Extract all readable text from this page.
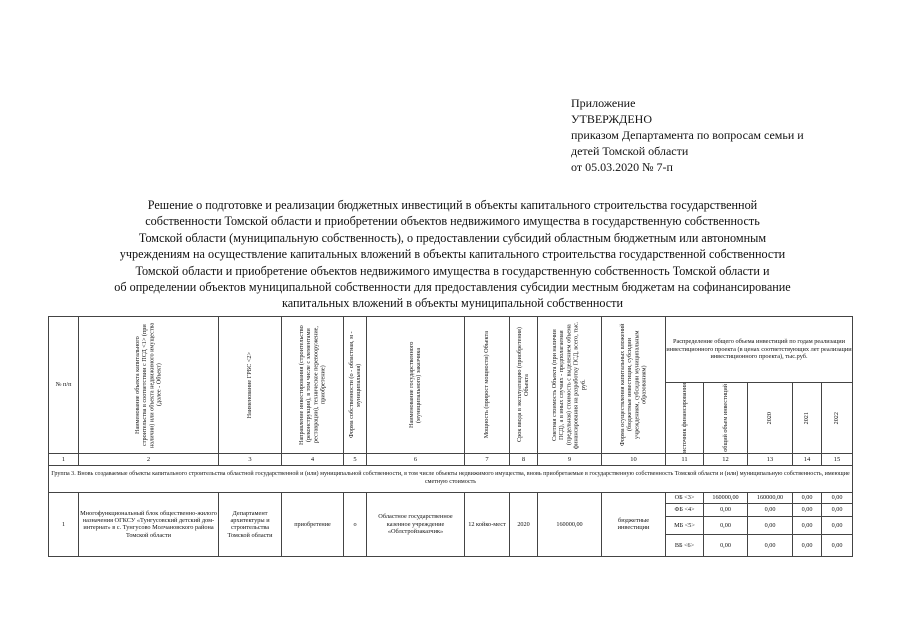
Приложение
УТВЕРЖДЕНО
приказом Департамента по вопросам семьи и
детей Томской области
от 05.03.2020 № 7-п
Решение о подготовке и реализации бюджетных инвестиций в объекты капитального строительства государственной
собственности Томской области и приобретении объектов недвижимого имущества в государственную собственность
Томской области (муниципальную собственность), о предоставлении субсидий областным бюджетным или автономным
учреждениям на осуществление капитальных вложений в объекты капитального строительства государственной собственности
Томской области и приобретение объектов недвижимого имущества в государственную собственность Томской области и
об определении объектов муниципальной собственности для предоставления субсидии местным бюджетам на софинансирование
капитальных вложений в объекты муниципальной собственности
№ п/п	Наименование объекта капитального строительства в соответствии с ПСД <1> (при наличии) или объекта недвижимого имущества (далее - Объект)	Наименование ГРБС <2>	Направление инвестирования (строительство (реконструкция), в том числе с элементами реставрации), техническое перевооружение, приобретение)	Форма собственности (о - областная, м - муниципальная)	Наименование государственного (муниципального) заказчика	Мощность (прирост мощности) Объекта	Срок ввода в эксплуатацию (приобретения) Объекта	Сметная стоимость Объекта (при наличии ПСД), а в иных случаях - предполагаемая (предельная) стоимость с выделением объема финансирования на разработку ПСД, всего, тыс. руб.	Форма осуществления капитальных вложений (бюджетные инвестиции, субсидии учреждениям, субсидии муниципальным образованиям)	Распределение общего объема инвестиций по годам реализации инвестиционного проекта (в ценах соответствующих лет реализации инвестиционного проекта), тыс.руб.				

										источник финансирования	общий объем инвестиций	2020	2021	2022

1	2	3	4	5	6	7	8	9	10	11	12	13	14	15
Группа 3. Вновь создаваемые объекты капитального строительства областной государственной и (или) муниципальной собственности, в том числе объекты недвижимого имущества, вновь приобретаемые в государственную собственность Томской области и (или) муниципальную собственность, имеющие сметную стоимость														
1	Многофункциональный блок общественно-жилого назначения ОГКСУ «Тунгусовский детский дом-интернат» в с. Тунгусово Молчановского района Томской области	Департамент архитектуры и строительства Томской области	приобретение	о	Областное государственное казенное учреждение «Облстройзаказчик»	12 койко-мест	2020	160000,00	бюджетные инвестиции	ОБ <3>	160000,00	160000,00	0,00	0,00
										ФБ <4>	0,00	0,00	0,00	0,00
										МБ <5>	0,00	0,00	0,00	0,00
										ВБ <6>	0,00	0,00	0,00	0,00
